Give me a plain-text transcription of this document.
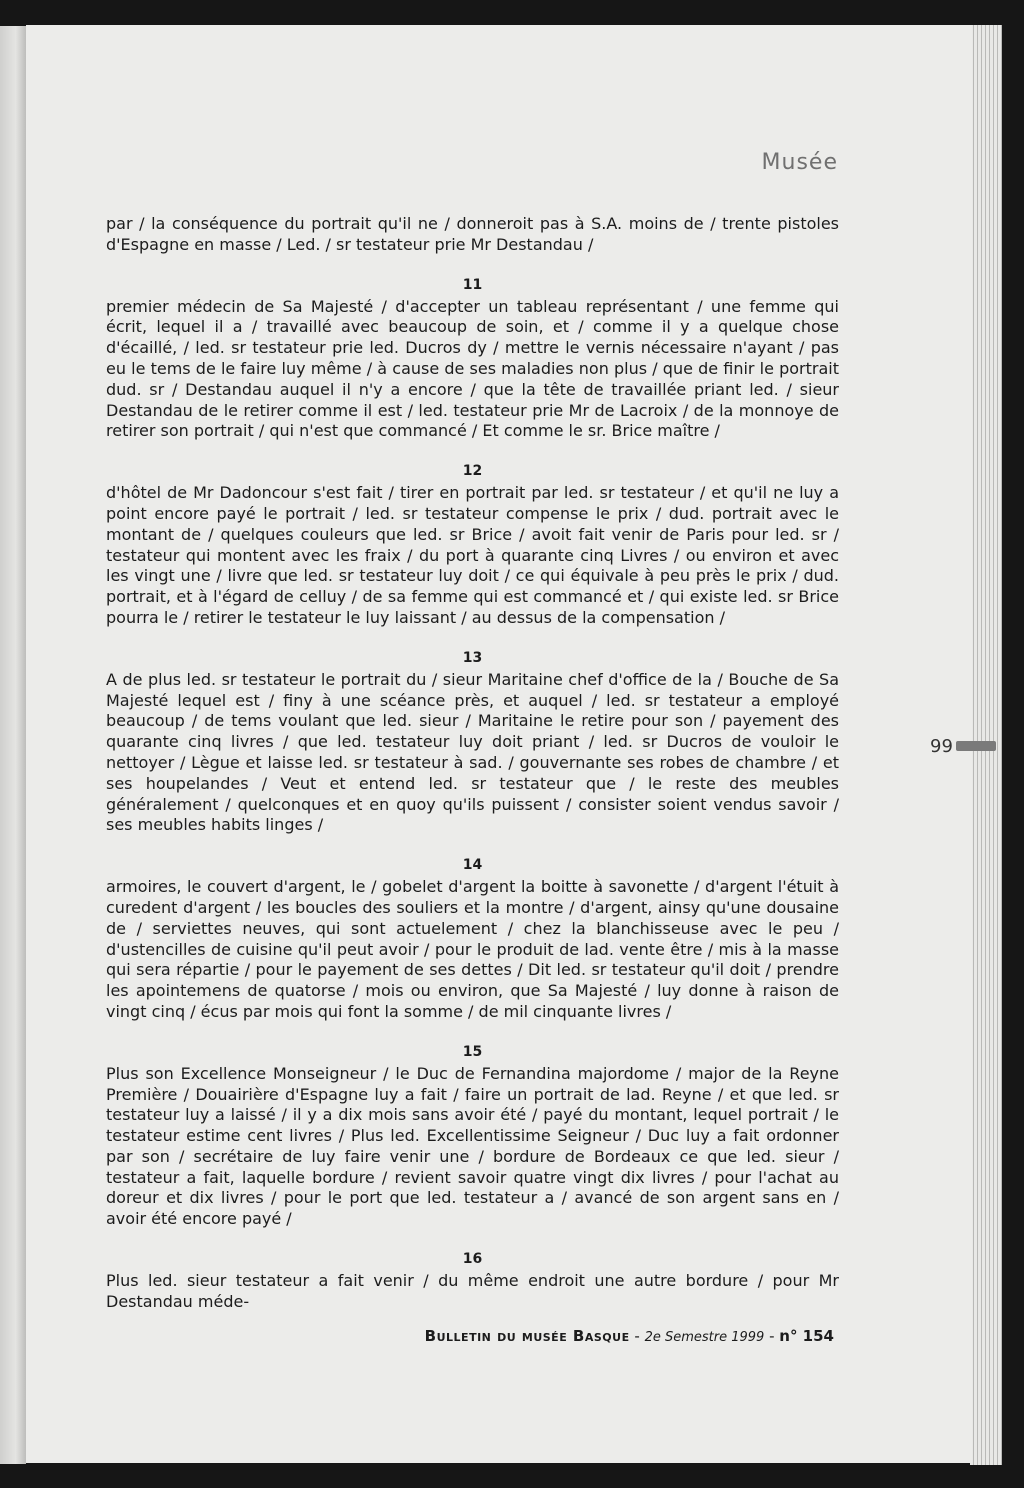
Musée

par / la conséquence du portrait qu'il ne / donneroit pas à S.A. moins de / trente pistoles d'Espagne en masse / Led. / sr testateur prie Mr Destandau /

11

premier médecin de Sa Majesté / d'accepter un tableau représentant / une femme qui écrit, lequel il a / travaillé avec beaucoup de soin, et / comme il y a quelque chose d'écaillé, / led. sr testateur prie led. Ducros dy / mettre le vernis nécessaire n'ayant / pas eu le tems de le faire luy même / à cause de ses maladies non plus / que de finir le portrait dud. sr / Destandau auquel il n'y a encore / que la tête de travaillée priant led. / sieur Destandau de le retirer comme il est / led. testateur prie Mr de Lacroix / de la monnoye de retirer son portrait / qui n'est que commancé / Et comme le sr. Brice maître /

12

d'hôtel de Mr Dadoncour s'est fait / tirer en portrait par led. sr testateur / et qu'il ne luy a point encore payé le portrait / led. sr testateur compense le prix / dud. portrait avec le montant de / quelques couleurs que led. sr Brice / avoit fait venir de Paris pour led. sr / testateur qui montent avec les fraix / du port à quarante cinq Livres / ou environ et avec les vingt une / livre que led. sr testateur luy doit / ce qui équivale à peu près le prix / dud. portrait, et à l'égard de celluy / de sa femme qui est commancé et / qui existe led. sr Brice pourra le / retirer le testateur le luy laissant / au dessus de la compensation /

13

A de plus led. sr testateur le portrait du / sieur Maritaine chef d'office de la / Bouche de Sa Majesté lequel est / finy à une scéance près, et auquel / led. sr testateur a employé beaucoup / de tems voulant que led. sieur / Maritaine le retire pour son / payement des quarante cinq livres / que led. testateur luy doit priant / led. sr Ducros de vouloir le nettoyer / Lègue et laisse led. sr testateur à sad. / gouvernante ses robes de chambre / et ses houpelandes / Veut et entend led. sr testateur que / le reste des meubles généralement / quelconques et en quoy qu'ils puissent / consister soient vendus savoir / ses meubles habits linges /

14

armoires, le couvert d'argent, le / gobelet d'argent la boitte à savonette / d'argent l'étuit à curedent d'argent / les boucles des souliers et la montre / d'argent, ainsy qu'une dousaine de / serviettes neuves, qui sont actuelement / chez la blanchisseuse avec le peu / d'ustencilles de cuisine qu'il peut avoir / pour le produit de lad. vente être / mis à la masse qui sera répartie / pour le payement de ses dettes / Dit led. sr testateur qu'il doit / prendre les apointemens de quatorse / mois ou environ, que Sa Majesté / luy donne à raison de vingt cinq / écus par mois qui font la somme / de mil cinquante livres /

15

Plus son Excellence Monseigneur / le Duc de Fernandina majordome / major de la Reyne Première / Douairière d'Espagne luy a fait / faire un portrait de lad. Reyne / et que led. sr testateur luy a laissé / il y a dix mois sans avoir été / payé du montant, lequel portrait / le testateur estime cent livres / Plus led. Excellentissime Seigneur / Duc luy a fait ordonner par son / secrétaire de luy faire venir une / bordure de Bordeaux ce que led. sieur / testateur a fait, laquelle bordure / revient savoir quatre vingt dix livres / pour l'achat au doreur et dix livres / pour le port que led. testateur a / avancé de son argent sans en / avoir été encore payé /

16

Plus led. sieur testateur a fait venir / du même endroit une autre bordure / pour Mr Destandau méde-

99
Bulletin du musée Basque - 2e Semestre 1999 - n° 154
